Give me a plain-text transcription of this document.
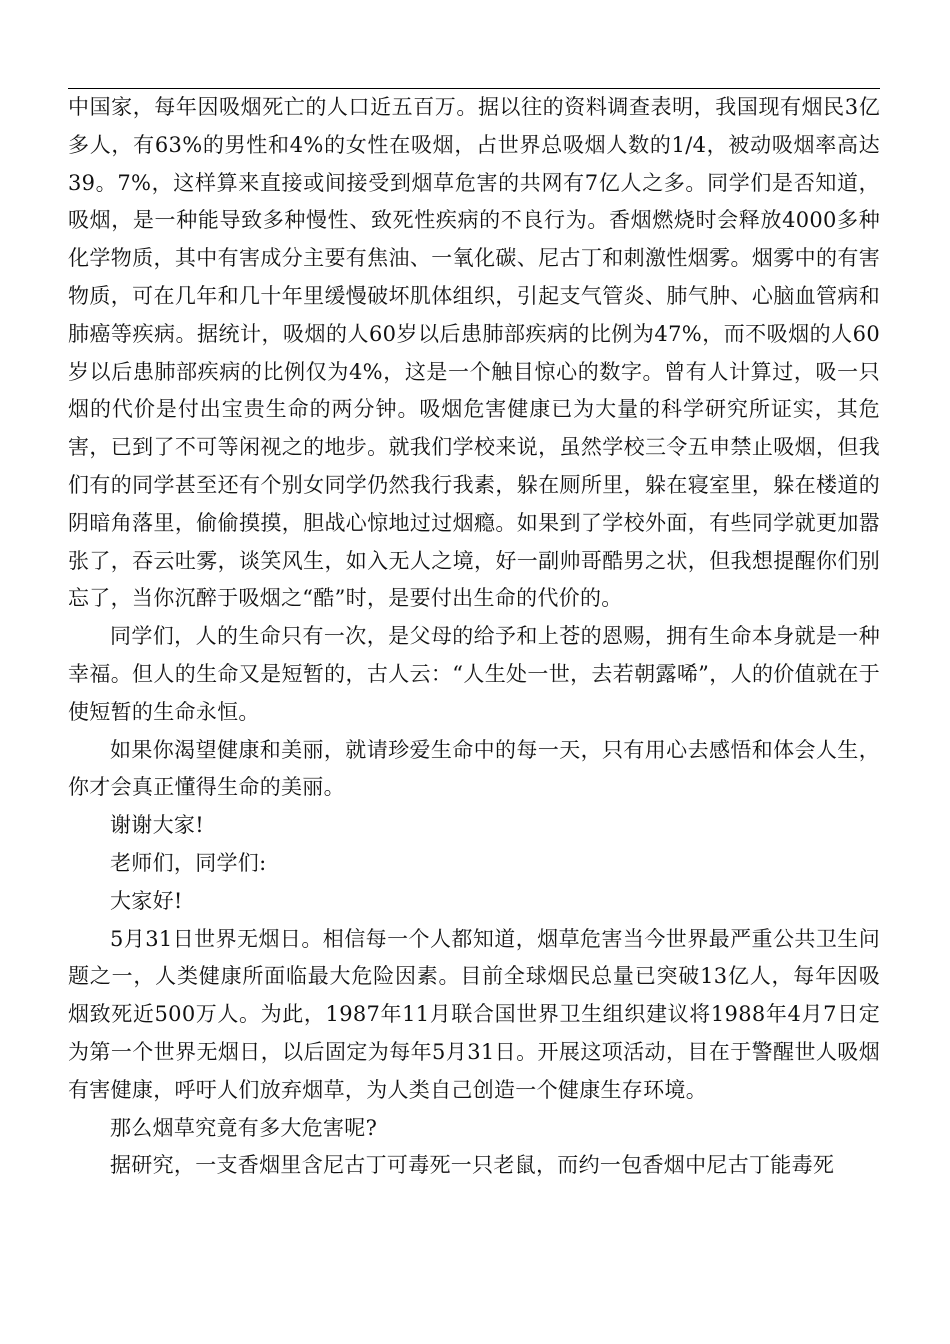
中国家，每年因吸烟死亡的人口近五百万。据以往的资料调查表明，我国现有烟民3亿多人，有63%的男性和4%的女性在吸烟，占世界总吸烟人数的1/4，被动吸烟率高达39。7%，这样算来直接或间接受到烟草危害的共网有7亿人之多。同学们是否知道，吸烟，是一种能导致多种慢性、致死性疾病的不良行为。香烟燃烧时会释放4000多种化学物质，其中有害成分主要有焦油、一氧化碳、尼古丁和刺激性烟雾。烟雾中的有害物质，可在几年和几十年里缓慢破坏肌体组织，引起支气管炎、肺气肿、心脑血管病和肺癌等疾病。据统计，吸烟的人60岁以后患肺部疾病的比例为47%，而不吸烟的人60岁以后患肺部疾病的比例仅为4%，这是一个触目惊心的数字。曾有人计算过，吸一只烟的代价是付出宝贵生命的两分钟。吸烟危害健康已为大量的科学研究所证实，其危害，已到了不可等闲视之的地步。就我们学校来说，虽然学校三令五申禁止吸烟，但我们有的同学甚至还有个别女同学仍然我行我素，躲在厕所里，躲在寝室里，躲在楼道的阴暗角落里，偷偷摸摸，胆战心惊地过过烟瘾。如果到了学校外面，有些同学就更加嚣张了，吞云吐雾，谈笑风生，如入无人之境，好一副帅哥酷男之状，但我想提醒你们别忘了，当你沉醉于吸烟之“酷”时，是要付出生命的代价的。

同学们，人的生命只有一次，是父母的给予和上苍的恩赐，拥有生命本身就是一种幸福。但人的生命又是短暂的，古人云：“人生处一世，去若朝露唏”，人的价值就在于使短暂的生命永恒。

如果你渴望健康和美丽，就请珍爱生命中的每一天，只有用心去感悟和体会人生，你才会真正懂得生命的美丽。

谢谢大家!

老师们，同学们:

大家好!

5月31日世界无烟日。相信每一个人都知道，烟草危害当今世界最严重公共卫生问题之一，人类健康所面临最大危险因素。目前全球烟民总量已突破13亿人，每年因吸烟致死近500万人。为此，1987年11月联合国世界卫生组织建议将1988年4月7日定为第一个世界无烟日，以后固定为每年5月31日。开展这项活动，目在于警醒世人吸烟有害健康，呼吁人们放弃烟草，为人类自己创造一个健康生存环境。

那么烟草究竟有多大危害呢?

据研究，一支香烟里含尼古丁可毒死一只老鼠，而约一包香烟中尼古丁能毒死
